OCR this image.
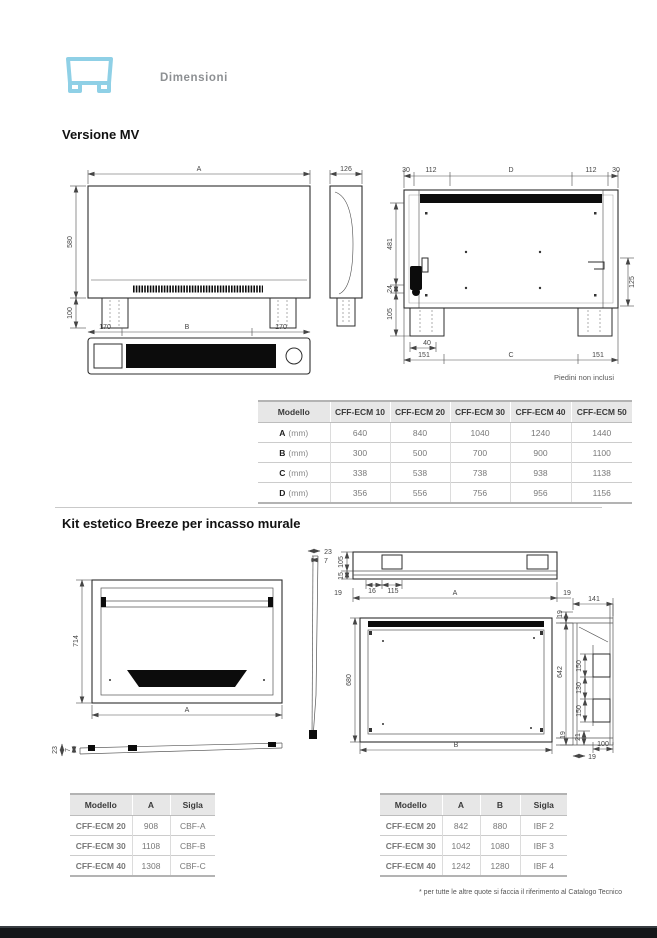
Dimensioni
Versione MV
Kit estetico Breeze per incasso murale
A
580
100
170	B	170
126	30 112	D	112 30
481
24
105
125
40
151	C	151
Piedini non inclusi
714
A
23 7
23
7 105
15
16 115
19	A	19
680
B
141
19
150
130
150
642
21
19
100
19
Modello	CFF-ECM 10	CFF-ECM 20	CFF-ECM 30	CFF-ECM 40	CFF-ECM 50
A (mm)	640	840	1040	1240	1440
B (mm)	300	500	700	900	1100
C (mm)	338	538	738	938	1138
D (mm)	356	556	756	956	1156
Modello	A	Sigla
CFF-ECM 20	908	CBF-A
CFF-ECM 30	1108	CBF-B
CFF-ECM 40	1308	CBF-C
Modello	A	B	Sigla
CFF-ECM 20	842	880	IBF 2
CFF-ECM 30	1042	1080	IBF 3
CFF-ECM 40	1242	1280	IBF 4
* per tutte le altre quote si faccia il riferimento al Catalogo Tecnico
